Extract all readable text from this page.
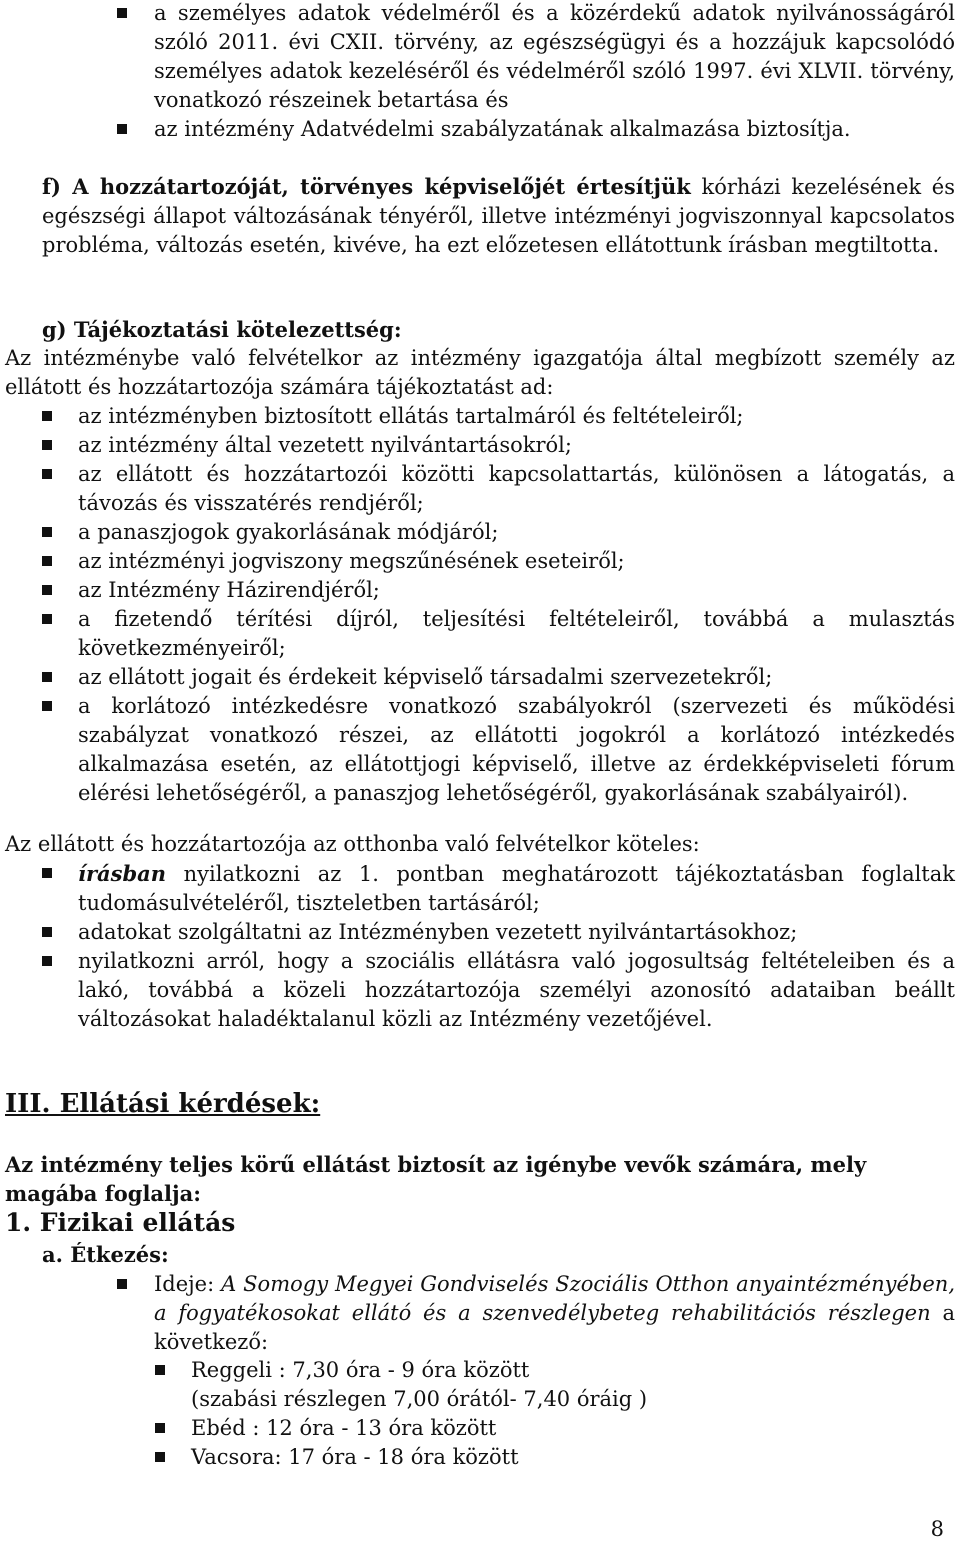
a személyes adatok védelméről és a közérdekű adatok nyilvánosságáról szóló 2011. évi CXII. törvény, az egészségügyi és a hozzájuk kapcsolódó személyes adatok kezeléséről és védelméről szóló 1997. évi XLVII. törvény, vonatkozó részeinek betartása és
az intézmény Adatvédelmi szabályzatának alkalmazása biztosítja.

f) A hozzátartozóját, törvényes képviselőjét értesítjük kórházi kezelésének és egészségi állapot változásának tényéről, illetve intézményi jogviszonnyal kapcsolatos probléma, változás esetén, kivéve, ha ezt előzetesen ellátottunk írásban megtiltotta.

g) Tájékoztatási kötelezettség:

Az intézménybe való felvételkor az intézmény igazgatója által megbízott személy az ellátott és hozzátartozója számára tájékoztatást ad:

az intézményben biztosított ellátás tartalmáról és feltételeiről;
az intézmény által vezetett nyilvántartásokról;
az ellátott és hozzátartozói közötti kapcsolattartás, különösen a látogatás, a távozás és visszatérés rendjéről;
a panaszjogok gyakorlásának módjáról;
az intézményi jogviszony megszűnésének eseteiről;
az Intézmény Házirendjéről;
a fizetendő térítési díjról, teljesítési feltételeiről, továbbá a mulasztás következményeiről;
az ellátott jogait és érdekeit képviselő társadalmi szervezetekről;
a korlátozó intézkedésre vonatkozó szabályokról (szervezeti és működési szabályzat vonatkozó részei, az ellátotti jogokról a korlátozó intézkedés alkalmazása esetén, az ellátottjogi képviselő, illetve az érdekképviseleti fórum elérési lehetőségéről, a panaszjog lehetőségéről, gyakorlásának szabályairól).

Az ellátott és hozzátartozója az otthonba való felvételkor köteles:

írásban nyilatkozni az 1. pontban meghatározott tájékoztatásban foglaltak tudomásulvételéről, tiszteletben tartásáról;
adatokat szolgáltatni az Intézményben vezetett nyilvántartásokhoz;
nyilatkozni arról, hogy a szociális ellátásra való jogosultság feltételeiben és a lakó, továbbá a közeli hozzátartozója személyi azonosító adataiban beállt változásokat haladéktalanul közli az Intézmény vezetőjével.
III. Ellátási kérdések:

Az intézmény teljes körű ellátást biztosít az igénybe vevők számára, mely magába foglalja:

1. Fizikai ellátás
a. Étkezés:
Ideje: A Somogy Megyei Gondviselés Szociális Otthon anyaintézményében, a fogyatékosokat ellátó és a szenvedélybeteg rehabilitációs részlegen a következő:
Reggeli : 7,30 óra - 9 óra között
(szabási részlegen 7,00 órától- 7,40 óráig )
Ebéd : 12 óra - 13 óra között
Vacsora: 17 óra - 18 óra között
8
